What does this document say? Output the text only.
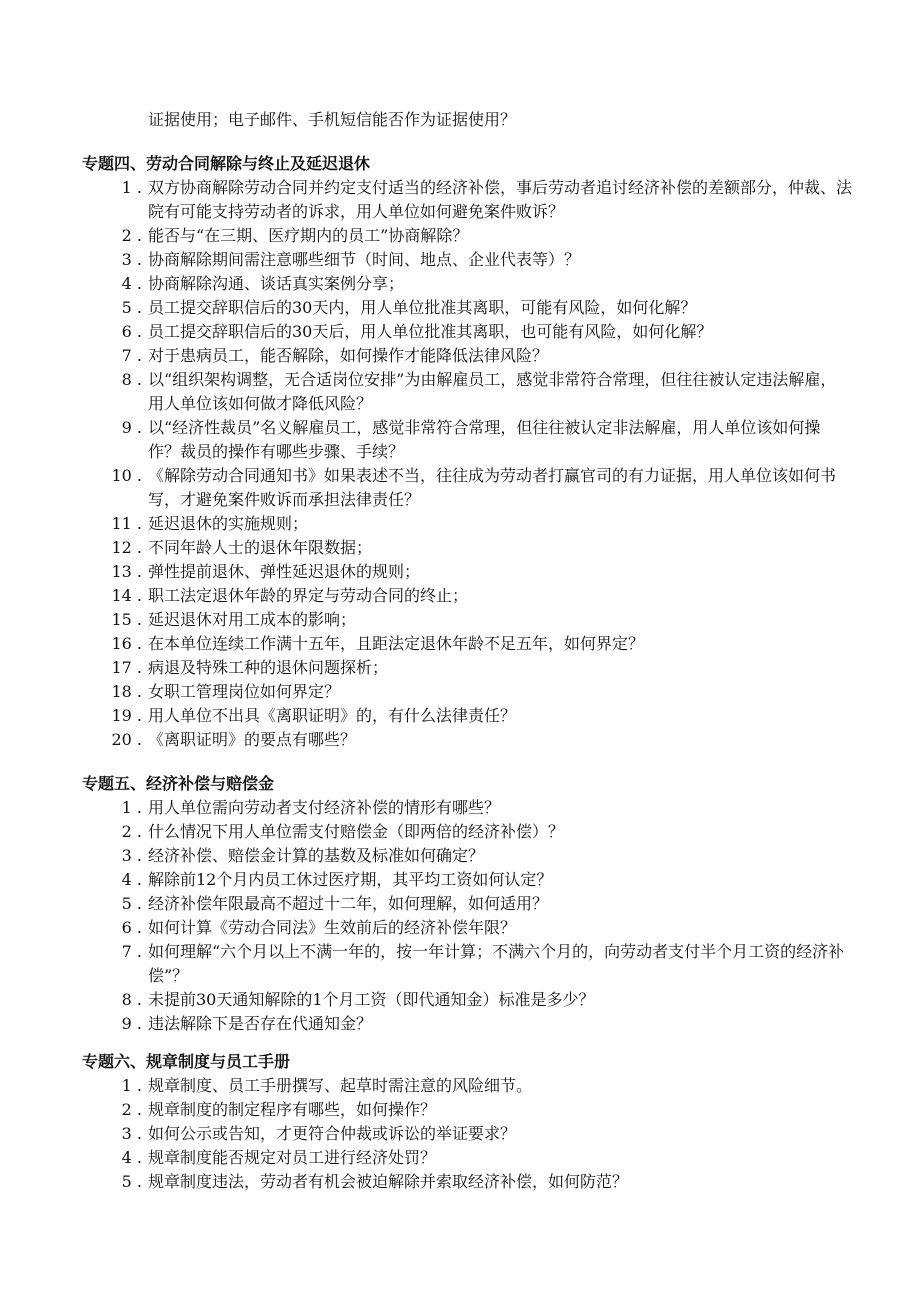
证据使用；电子邮件、手机短信能否作为证据使用？
专题四、劳动合同解除与终止及延迟退休
1 . 双方协商解除劳动合同并约定支付适当的经济补偿，事后劳动者追讨经济补偿的差额部分，仲裁、法院有可能支持劳动者的诉求，用人单位如何避免案件败诉？
2 . 能否与“在三期、医疗期内的员工”协商解除？
3 . 协商解除期间需注意哪些细节（时间、地点、企业代表等）？
4 . 协商解除沟通、谈话真实案例分享；
5 . 员工提交辞职信后的30天内，用人单位批准其离职，可能有风险，如何化解？
6 . 员工提交辞职信后的30天后，用人单位批准其离职，也可能有风险，如何化解？
7 . 对于患病员工，能否解除，如何操作才能降低法律风险？
8 . 以“组织架构调整，无合适岗位安排”为由解雇员工，感觉非常符合常理，但往往被认定违法解雇，用人单位该如何做才降低风险？
9 . 以“经济性裁员”名义解雇员工，感觉非常符合常理，但往往被认定非法解雇，用人单位该如何操作？裁员的操作有哪些步骤、手续？
10 . 《解除劳动合同通知书》如果表述不当，往往成为劳动者打赢官司的有力证据，用人单位该如何书写，才避免案件败诉而承担法律责任？
11 . 延迟退休的实施规则；
12 . 不同年龄人士的退休年限数据；
13 . 弹性提前退休、弹性延迟退休的规则；
14 . 职工法定退休年龄的界定与劳动合同的终止；
15 . 延迟退休对用工成本的影响；
16 . 在本单位连续工作满十五年，且距法定退休年龄不足五年，如何界定？
17 . 病退及特殊工种的退休问题探析；
18 . 女职工管理岗位如何界定？
19 . 用人单位不出具《离职证明》的，有什么法律责任？
20 . 《离职证明》的要点有哪些？
专题五、经济补偿与赔偿金
1 . 用人单位需向劳动者支付经济补偿的情形有哪些？
2 . 什么情况下用人单位需支付赔偿金（即两倍的经济补偿）？
3 . 经济补偿、赔偿金计算的基数及标准如何确定？
4 . 解除前12个月内员工休过医疗期，其平均工资如何认定？
5 . 经济补偿年限最高不超过十二年，如何理解，如何适用？
6 . 如何计算《劳动合同法》生效前后的经济补偿年限？
7 . 如何理解“六个月以上不满一年的，按一年计算；不满六个月的，向劳动者支付半个月工资的经济补偿”？
8 . 未提前30天通知解除的1个月工资（即代通知金）标准是多少？
9 . 违法解除下是否存在代通知金？
专题六、规章制度与员工手册
1 . 规章制度、员工手册撰写、起草时需注意的风险细节。
2 . 规章制度的制定程序有哪些，如何操作？
3 . 如何公示或告知，才更符合仲裁或诉讼的举证要求？
4 . 规章制度能否规定对员工进行经济处罚？
5 . 规章制度违法，劳动者有机会被迫解除并索取经济补偿，如何防范？
